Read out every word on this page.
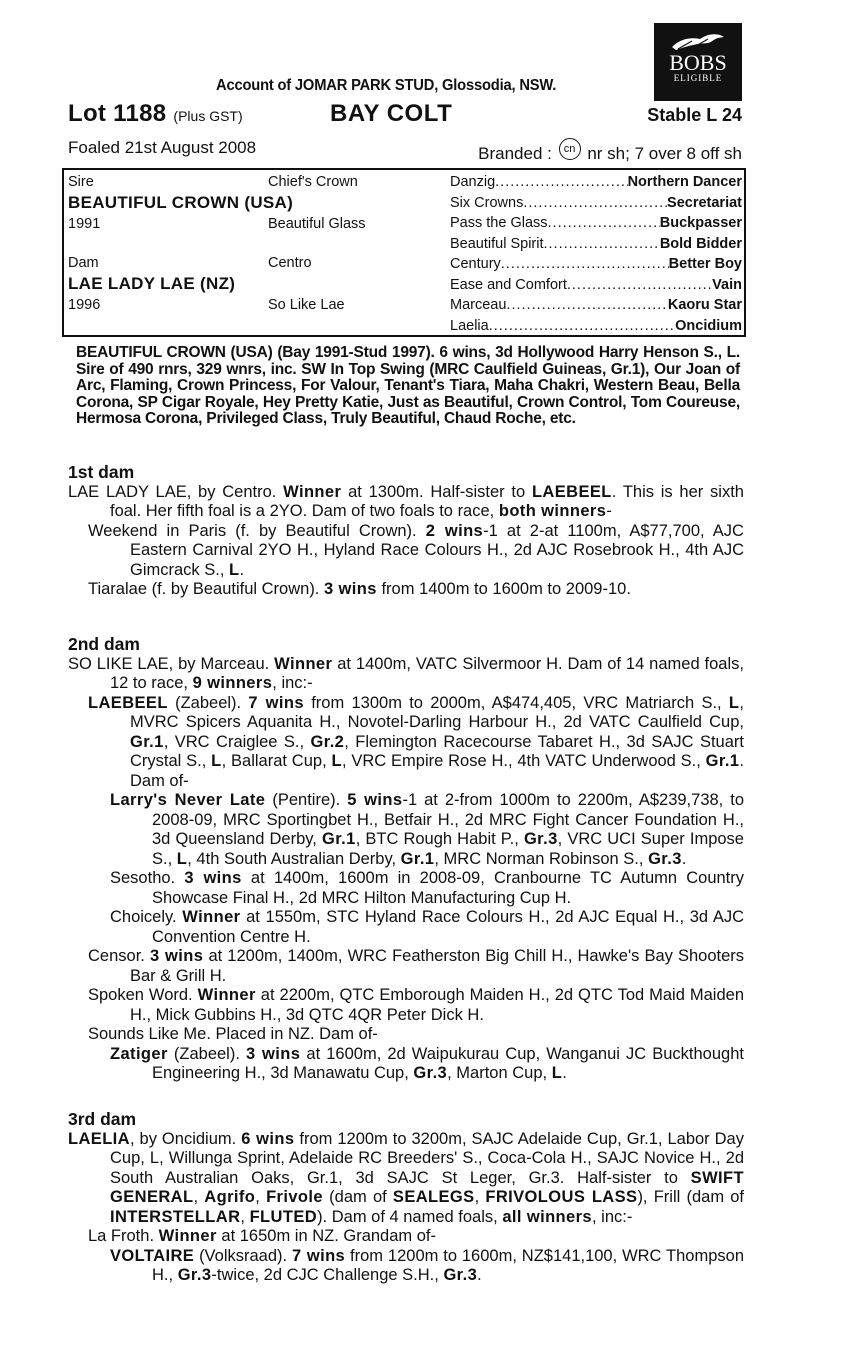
BOBS
ELIGIBLE
Account of JOMAR PARK STUD, Glossodia, NSW.
Lot 1188 (Plus GST)	BAY COLT	Stable L 24
Foaled 21st August 2008	Branded : cn nr sh; 7 over 8 off sh
Sire	Chief's Crown
BEAUTIFUL CROWN (USA)
1991	Beautiful Glass
Dam	Centro
LAE LADY LAE (NZ)
1996	So Like Lae
Danzig .....	Northern Dancer
Six Crowns .....	Secretariat
Pass the Glass .....	Buckpasser
Beautiful Spirit .....	Bold Bidder
Century .....	Better Boy
Ease and Comfort .....	Vain
Marceau .....	Kaoru Star
Laelia .....	Oncidium
BEAUTIFUL CROWN (USA) (Bay 1991-Stud 1997). 6 wins, 3d Hollywood Harry Henson S., L. Sire of 490 rnrs, 329 wnrs, inc. SW In Top Swing (MRC Caulfield Guineas, Gr.1), Our Joan of Arc, Flaming, Crown Princess, For Valour, Tenant's Tiara, Maha Chakri, Western Beau, Bella Corona, SP Cigar Royale, Hey Pretty Katie, Just as Beautiful, Crown Control, Tom Coureuse, Hermosa Corona, Privileged Class, Truly Beautiful, Chaud Roche, etc.
1st dam

LAE LADY LAE, by Centro. Winner at 1300m. Half-sister to LAEBEEL. This is her sixth foal. Her fifth foal is a 2YO. Dam of two foals to race, both winners-

Weekend in Paris (f. by Beautiful Crown). 2 wins-1 at 2-at 1100m, A$77,700, AJC Eastern Carnival 2YO H., Hyland Race Colours H., 2d AJC Rosebrook H., 4th AJC Gimcrack S., L.

Tiaralae (f. by Beautiful Crown). 3 wins from 1400m to 1600m to 2009-10.

2nd dam

SO LIKE LAE, by Marceau. Winner at 1400m, VATC Silvermoor H. Dam of 14 named foals, 12 to race, 9 winners, inc:-

LAEBEEL (Zabeel). 7 wins from 1300m to 2000m, A$474,405, VRC Matriarch S., L, MVRC Spicers Aquanita H., Novotel-Darling Harbour H., 2d VATC Caulfield Cup, Gr.1, VRC Craiglee S., Gr.2, Flemington Racecourse Tabaret H., 3d SAJC Stuart Crystal S., L, Ballarat Cup, L, VRC Empire Rose H., 4th VATC Underwood S., Gr.1. Dam of-

Larry's Never Late (Pentire). 5 wins-1 at 2-from 1000m to 2200m, A$239,738, to 2008-09, MRC Sportingbet H., Betfair H., 2d MRC Fight Cancer Foundation H., 3d Queensland Derby, Gr.1, BTC Rough Habit P., Gr.3, VRC UCI Super Impose S., L, 4th South Australian Derby, Gr.1, MRC Norman Robinson S., Gr.3.

Sesotho. 3 wins at 1400m, 1600m in 2008-09, Cranbourne TC Autumn Country Showcase Final H., 2d MRC Hilton Manufacturing Cup H.

Choicely. Winner at 1550m, STC Hyland Race Colours H., 2d AJC Equal H., 3d AJC Convention Centre H.

Censor. 3 wins at 1200m, 1400m, WRC Featherston Big Chill H., Hawke's Bay Shooters Bar & Grill H.

Spoken Word. Winner at 2200m, QTC Emborough Maiden H., 2d QTC Tod Maid Maiden H., Mick Gubbins H., 3d QTC 4QR Peter Dick H.

Sounds Like Me. Placed in NZ. Dam of-

Zatiger (Zabeel). 3 wins at 1600m, 2d Waipukurau Cup, Wanganui JC Buckthought Engineering H., 3d Manawatu Cup, Gr.3, Marton Cup, L.

3rd dam

LAELIA, by Oncidium. 6 wins from 1200m to 3200m, SAJC Adelaide Cup, Gr.1, Labor Day Cup, L, Willunga Sprint, Adelaide RC Breeders' S., Coca-Cola H., SAJC Novice H., 2d South Australian Oaks, Gr.1, 3d SAJC St Leger, Gr.3. Half-sister to SWIFT GENERAL, Agrifo, Frivole (dam of SEALEGS, FRIVOLOUS LASS), Frill (dam of INTERSTELLAR, FLUTED). Dam of 4 named foals, all winners, inc:-

La Froth. Winner at 1650m in NZ. Grandam of-

VOLTAIRE (Volksraad). 7 wins from 1200m to 1600m, NZ$141,100, WRC Thompson H., Gr.3-twice, 2d CJC Challenge S.H., Gr.3.
